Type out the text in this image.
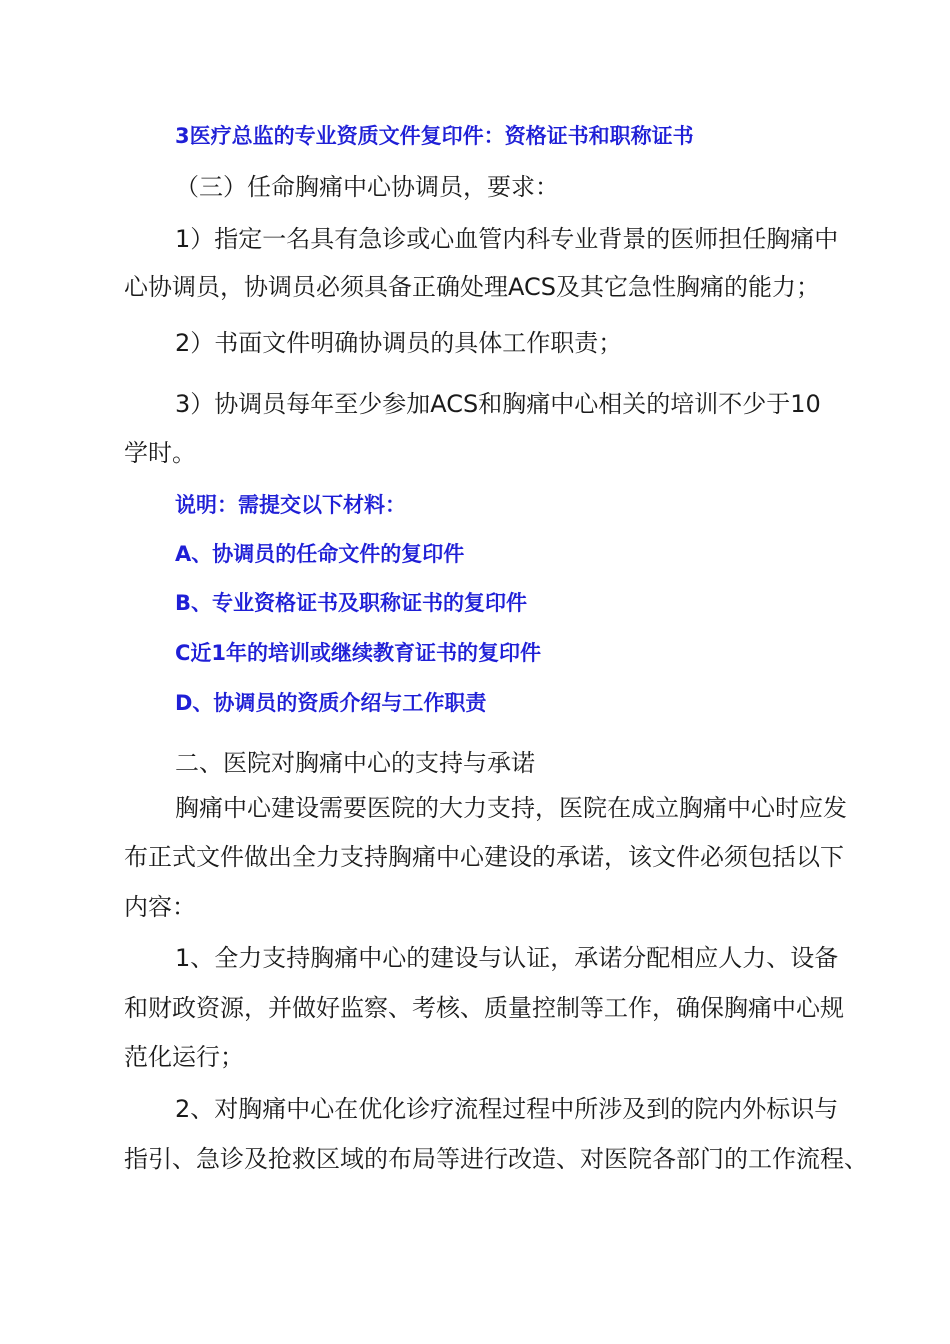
3医疗总监的专业资质文件复印件：资格证书和职称证书
（三）任命胸痛中心协调员，要求：
1）指定一名具有急诊或心血管内科专业背景的医师担任胸痛中
心协调员，协调员必须具备正确处理ACS及其它急性胸痛的能力；
2）书面文件明确协调员的具体工作职责；
3）协调员每年至少参加ACS和胸痛中心相关的培训不少于10
学时。
说明：需提交以下材料：
A、协调员的任命文件的复印件
B、专业资格证书及职称证书的复印件
C近1年的培训或继续教育证书的复印件
D、协调员的资质介绍与工作职责
二、医院对胸痛中心的支持与承诺
胸痛中心建设需要医院的大力支持，医院在成立胸痛中心时应发
布正式文件做出全力支持胸痛中心建设的承诺，该文件必须包括以下
内容：
1、全力支持胸痛中心的建设与认证，承诺分配相应人力、设备
和财政资源，并做好监察、考核、质量控制等工作，确保胸痛中心规
范化运行；
2、对胸痛中心在优化诊疗流程过程中所涉及到的院内外标识与
指引、急诊及抢救区域的布局等进行改造、对医院各部门的工作流程、
